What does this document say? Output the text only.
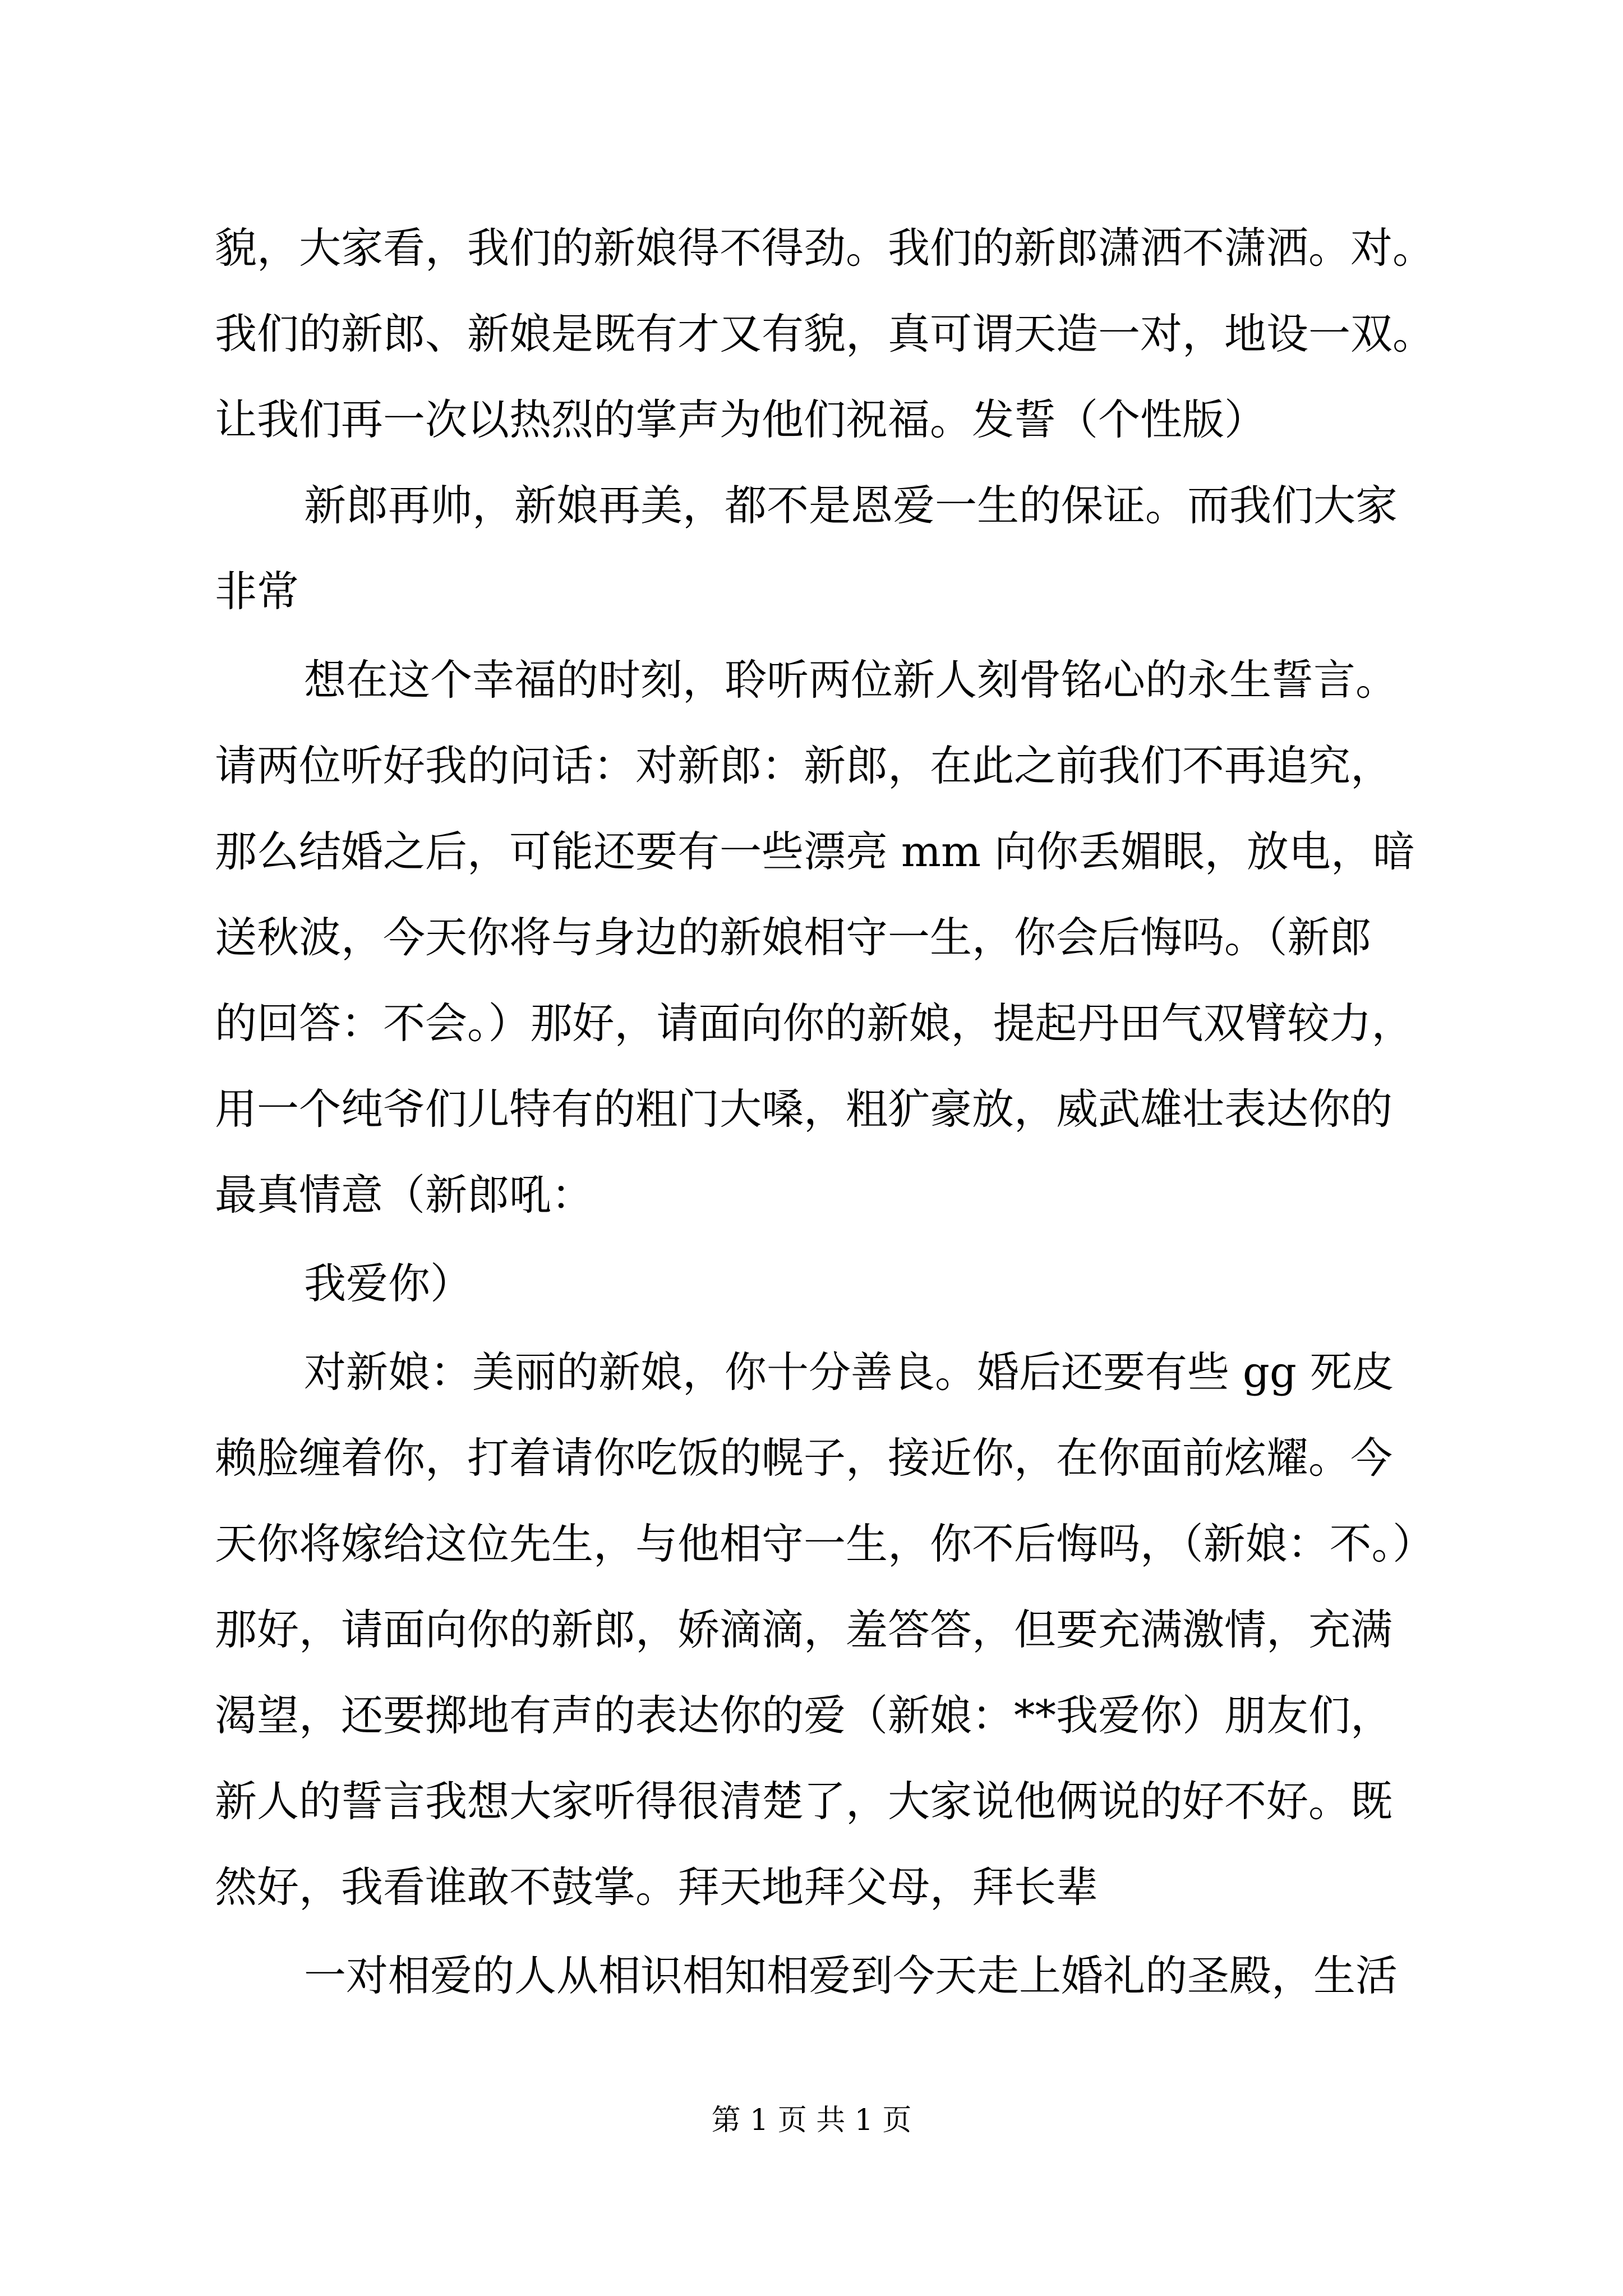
貌，大家看，我们的新娘得不得劲。我们的新郎潇洒不潇洒。对。

我们的新郎、新娘是既有才又有貌，真可谓天造一对，地设一双。

让我们再一次以热烈的掌声为他们祝福。发誓（个性版）

新郎再帅，新娘再美，都不是恩爱一生的保证。而我们大家

非常

想在这个幸福的时刻，聆听两位新人刻骨铭心的永生誓言。

请两位听好我的问话：对新郎：新郎，在此之前我们不再追究，

那么结婚之后，可能还要有一些漂亮 mm 向你丢媚眼，放电，暗

送秋波，今天你将与身边的新娘相守一生，你会后悔吗。（新郎

的回答：不会。）那好，请面向你的新娘，提起丹田气双臂较力，

用一个纯爷们儿特有的粗门大嗓，粗犷豪放，威武雄壮表达你的

最真情意（新郎吼：

我爱你）

对新娘：美丽的新娘，你十分善良。婚后还要有些 gg 死皮

赖脸缠着你，打着请你吃饭的幌子，接近你，在你面前炫耀。今

天你将嫁给这位先生，与他相守一生，你不后悔吗，（新娘：不。）

那好，请面向你的新郎，娇滴滴，羞答答，但要充满激情，充满

渴望，还要掷地有声的表达你的爱（新娘：**我爱你）朋友们，

新人的誓言我想大家听得很清楚了，大家说他俩说的好不好。既

然好，我看谁敢不鼓掌。拜天地拜父母，拜长辈

一对相爱的人从相识相知相爱到今天走上婚礼的圣殿，生活

第 1 页 共 1 页
